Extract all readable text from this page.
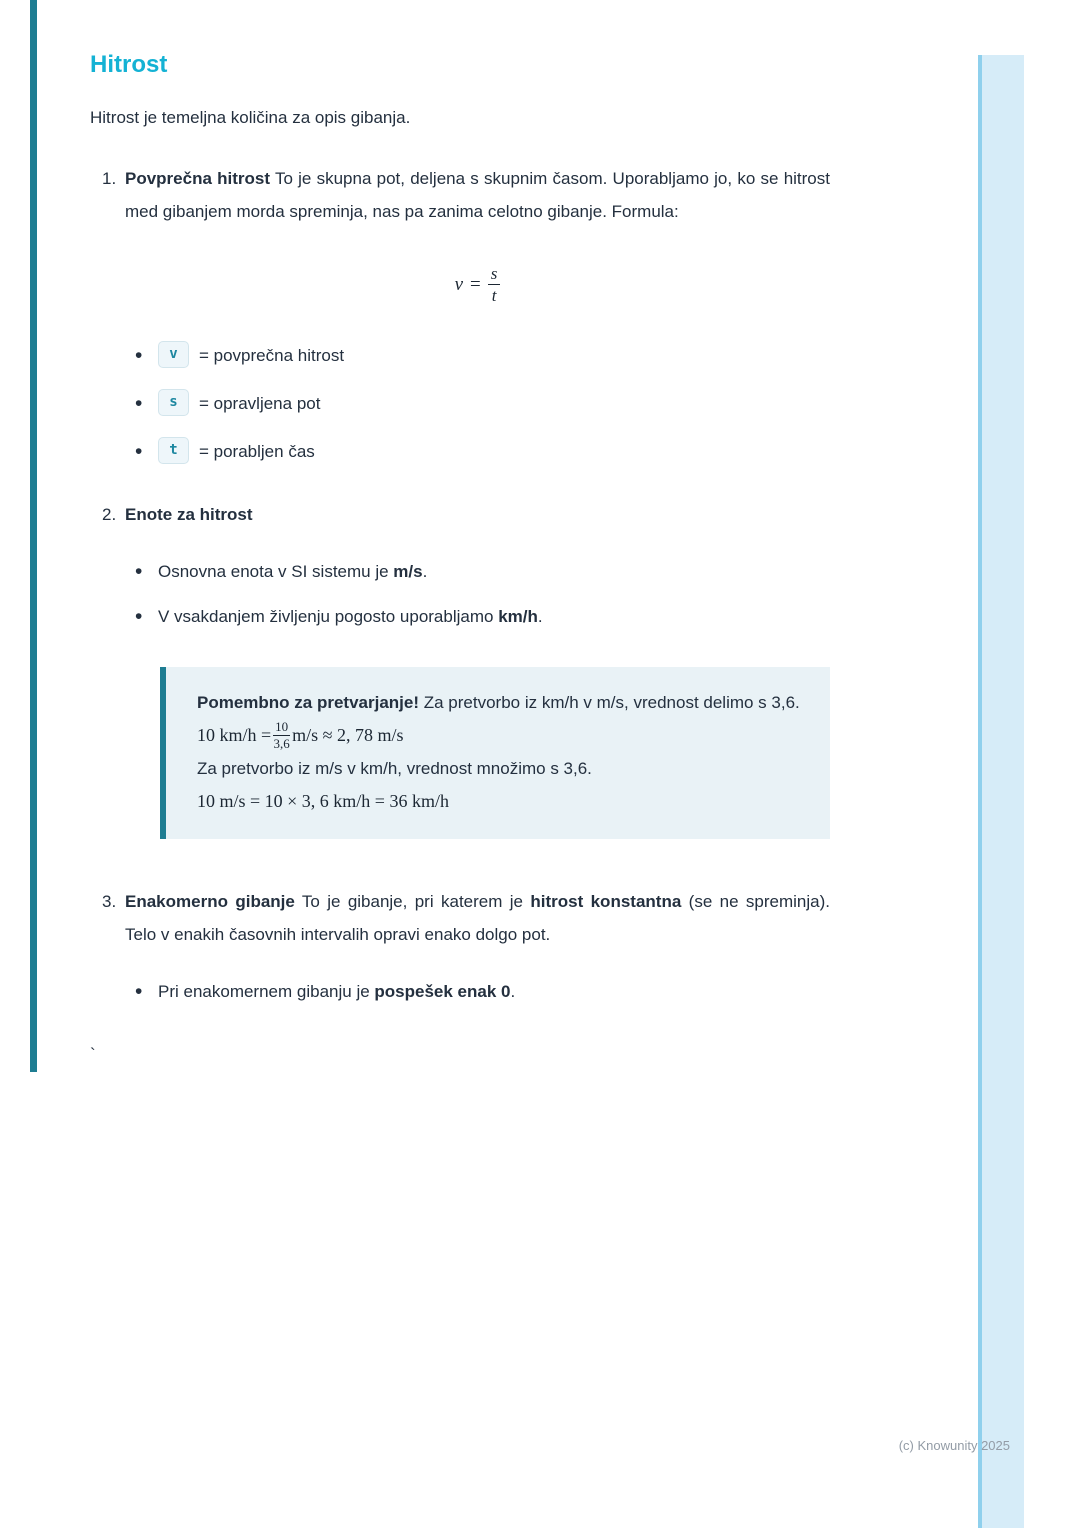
(c) Knowunity 2025
Hitrost

Hitrost je temeljna količina za opis gibanja.

1. Povprečna hitrost To je skupna pot, deljena s skupnim časom. Uporabljamo jo, ko se hitrost med gibanjem morda spreminja, nas pa zanima celotno gibanje. Formula:

$v = \frac{s}{t}$
• v = povprečna hitrost
• s = opravljena pot
• t = porabljen čas
2. Enote za hitrost

• Osnovna enota v SI sistemu je m/s.
• V vsakdanjem življenju pogosto uporabljamo km/h.

Pomembno za pretvarjanje! Za pretvorbo iz km/h v m/s, vrednost delimo s 3,6.

10 $km/h = \frac{10}{3,6} m/s \approx 2$, 78 m/s

Za pretvorbo iz m/s v km/h, vrednost množimo s 3,6.

10 m/s = 10 × 3, 6 km/h = 36 km/h
3. Enakomerno gibanje To je gibanje, pri katerem je hitrost konstantna (se ne spreminja). Telo v enakih časovnih intervalih opravi enako dolgo pot.

• Pri enakomernem gibanju je pospešek enak 0.
`
